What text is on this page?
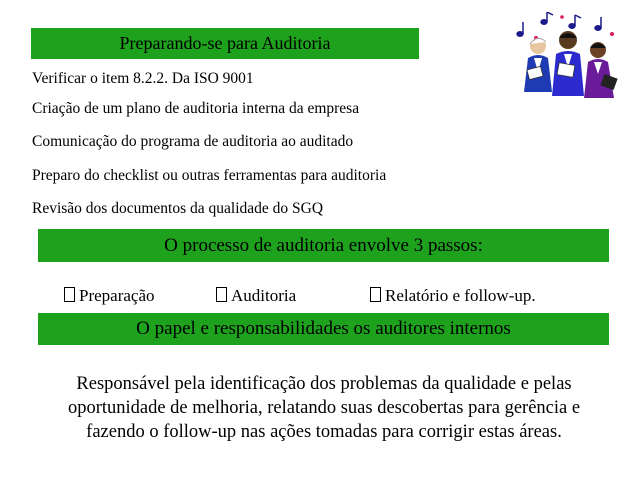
Preparando-se para Auditoria
Verificar o item 8.2.2. Da ISO 9001
Criação de um plano de auditoria interna da empresa
Comunicação do programa de auditoria ao auditado
Preparo do checklist ou outras ferramentas para auditoria
Revisão dos documentos da qualidade do SGQ
O processo de auditoria envolve 3 passos:
Preparação	Auditoria	Relatório e follow-up.
O papel e responsabilidades os auditores internos
Responsável pela identificação dos problemas da qualidade e pelas
oportunidade de melhoria, relatando suas descobertas para gerência e
fazendo o follow-up nas ações tomadas para corrigir estas áreas.
